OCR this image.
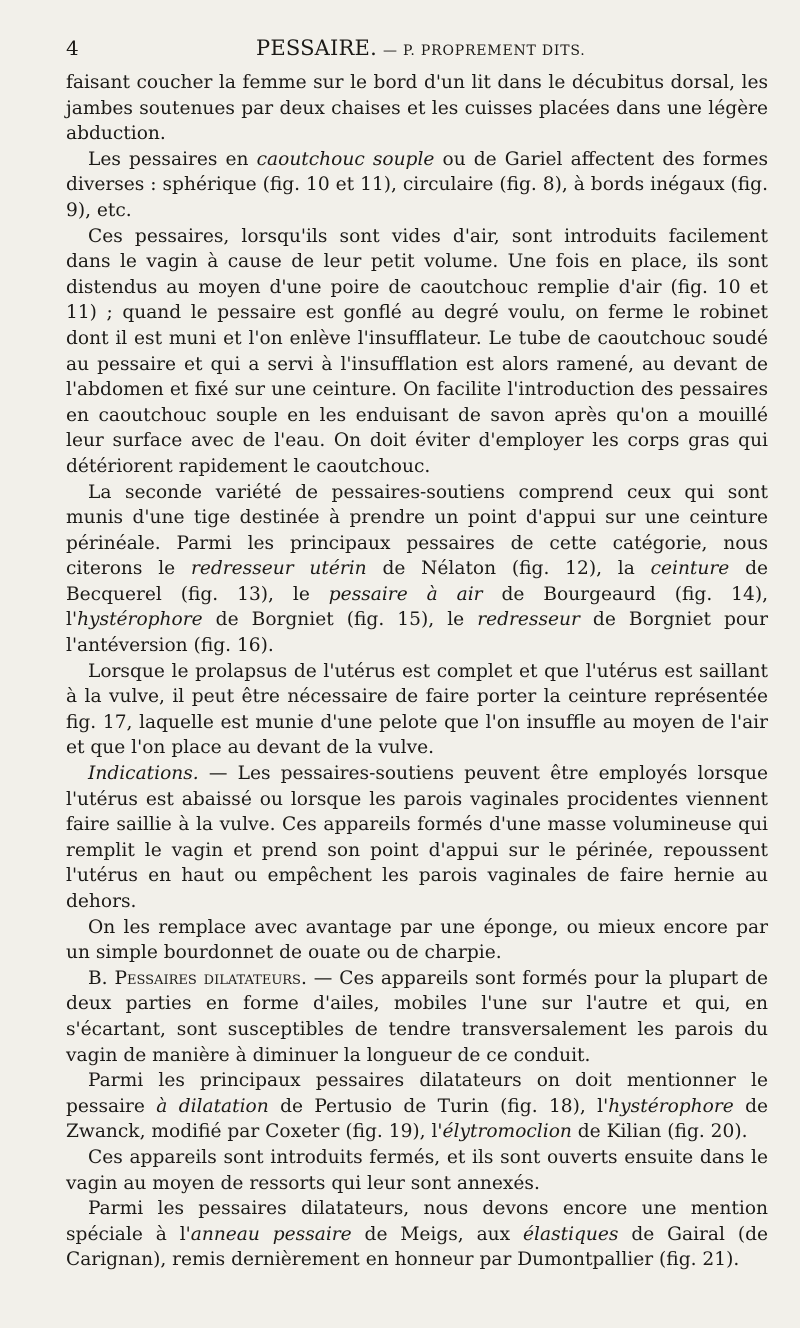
4	PESSAIRE. — P. PROPREMENT DITS.

faisant coucher la femme sur le bord d'un lit dans le décubitus dorsal, les jambes soutenues par deux chaises et les cuisses placées dans une légère abduction.

Les pessaires en caoutchouc souple ou de Gariel affectent des formes diverses : sphérique (fig. 10 et 11), circulaire (fig. 8), à bords inégaux (fig. 9), etc.

Ces pessaires, lorsqu'ils sont vides d'air, sont introduits facilement dans le vagin à cause de leur petit volume. Une fois en place, ils sont distendus au moyen d'une poire de caoutchouc remplie d'air (fig. 10 et 11) ; quand le pessaire est gonflé au degré voulu, on ferme le robinet dont il est muni et l'on enlève l'insufflateur. Le tube de caoutchouc soudé au pessaire et qui a servi à l'insufflation est alors ramené, au devant de l'abdomen et fixé sur une ceinture. On facilite l'introduction des pessaires en caoutchouc souple en les enduisant de savon après qu'on a mouillé leur surface avec de l'eau. On doit éviter d'employer les corps gras qui détériorent rapidement le caoutchouc.

La seconde variété de pessaires-soutiens comprend ceux qui sont munis d'une tige destinée à prendre un point d'appui sur une ceinture périnéale. Parmi les principaux pessaires de cette catégorie, nous citerons le redresseur utérin de Nélaton (fig. 12), la ceinture de Becquerel (fig. 13), le pessaire à air de Bourgeaurd (fig. 14), l'hystérophore de Borgniet (fig. 15), le redresseur de Borgniet pour l'antéversion (fig. 16).

Lorsque le prolapsus de l'utérus est complet et que l'utérus est saillant à la vulve, il peut être nécessaire de faire porter la ceinture représentée fig. 17, laquelle est munie d'une pelote que l'on insuffle au moyen de l'air et que l'on place au devant de la vulve.

Indications. — Les pessaires-soutiens peuvent être employés lorsque l'utérus est abaissé ou lorsque les parois vaginales procidentes viennent faire saillie à la vulve. Ces appareils formés d'une masse volumineuse qui remplit le vagin et prend son point d'appui sur le périnée, repoussent l'utérus en haut ou empêchent les parois vaginales de faire hernie au dehors.

On les remplace avec avantage par une éponge, ou mieux encore par un simple bourdonnet de ouate ou de charpie.

B. Pessaires dilatateurs. — Ces appareils sont formés pour la plupart de deux parties en forme d'ailes, mobiles l'une sur l'autre et qui, en s'écartant, sont susceptibles de tendre transversalement les parois du vagin de manière à diminuer la longueur de ce conduit.

Parmi les principaux pessaires dilatateurs on doit mentionner le pessaire à dilatation de Pertusio de Turin (fig. 18), l'hystérophore de Zwanck, modifié par Coxeter (fig. 19), l'élytromoclion de Kilian (fig. 20).

Ces appareils sont introduits fermés, et ils sont ouverts ensuite dans le vagin au moyen de ressorts qui leur sont annexés.

Parmi les pessaires dilatateurs, nous devons encore une mention spéciale à l'anneau pessaire de Meigs, aux élastiques de Gairal (de Carignan), remis dernièrement en honneur par Dumontpallier (fig. 21).
